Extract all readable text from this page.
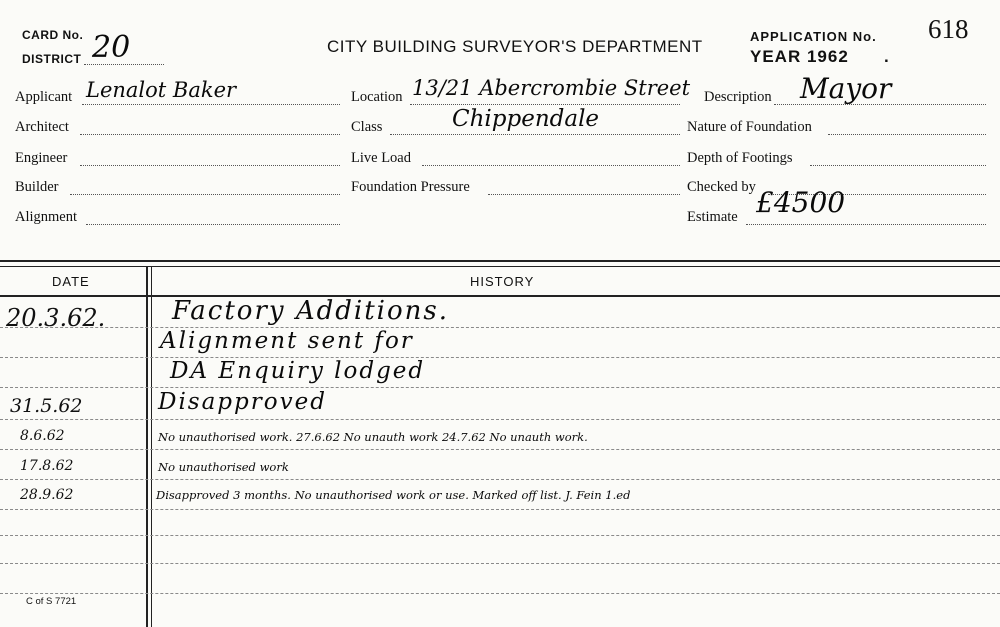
CARD No.
DISTRICT 20	CITY BUILDING SURVEYOR'S DEPARTMENT
APPLICATION No. 618
YEAR 1962 .
Applicant Lenalot Baker
Architect
Engineer
Builder
Alignment
Location 13/21 Abercrombie Street
Class	Chippendale
Live Load
Foundation Pressure
Description Mayor
Nature of Foundation
Depth of Footings
Checked by
Estimate £4500
DATE	HISTORY
20.3.62.	Factory Additions.
Alignment sent for
DA Enquiry lodged
31.5.62	Disapproved
8.6.62	No unauthorised work. 27.6.62 No unauth work 24.7.62 No unauth work.
17.8.62	No unauthorised work
28.9.62	Disapproved 3 months. No unauthorised work or use. Marked off list. J. Fein 1.ed
C of S 7721
